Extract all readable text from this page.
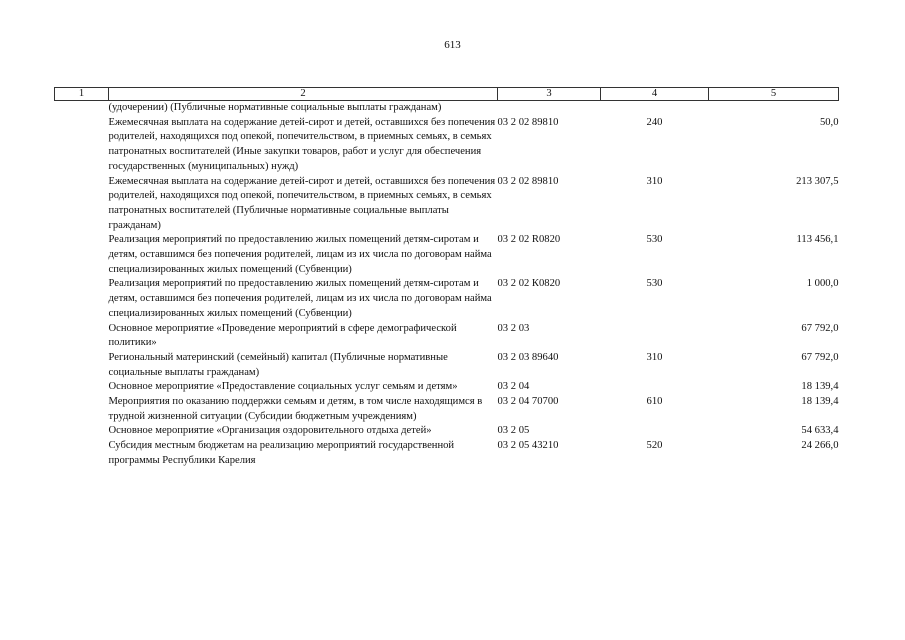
613
1	2	3	4	5
	(удочерении) (Публичные нормативные социальные выплаты гражданам)			
	Ежемесячная выплата на содержание детей-сирот и детей, оставшихся без попечения родителей, находящихся под опекой, попечительством, в приемных семьях, в семьях патронатных воспитателей (Иные закупки товаров, работ и услуг для обеспечения государственных (муниципальных) нужд)	03 2 02 89810	240	50,0
	Ежемесячная выплата на содержание детей-сирот и детей, оставшихся без попечения родителей, находящихся под опекой, попечительством, в приемных семьях, в семьях патронатных воспитателей (Публичные нормативные социальные выплаты гражданам)	03 2 02 89810	310	213 307,5
	Реализация мероприятий по предоставлению жилых помещений детям-сиротам и детям, оставшимся без попечения родителей, лицам из их числа по договорам найма специализированных жилых помещений (Субвенции)	03 2 02 R0820	530	113 456,1
	Реализация мероприятий по предоставлению жилых помещений детям-сиротам и детям, оставшимся без попечения родителей, лицам из их числа по договорам найма специализированных жилых помещений (Субвенции)	03 2 02 К0820	530	1 000,0
	Основное мероприятие «Проведение мероприятий в сфере демографической политики»	03 2 03		67 792,0
	Региональный материнский (семейный) капитал (Публичные нормативные социальные выплаты гражданам)	03 2 03 89640	310	67 792,0
	Основное мероприятие «Предоставление социальных услуг семьям и детям»	03 2 04		18 139,4
	Мероприятия по оказанию поддержки семьям и детям, в том числе находящимся в трудной жизненной ситуации (Субсидии бюджетным учреждениям)	03 2 04 70700	610	18 139,4
	Основное мероприятие «Организация оздоровительного отдыха детей»	03 2 05		54 633,4
	Субсидия местным бюджетам на реализацию мероприятий государственной программы Республики Карелия	03 2 05 43210	520	24 266,0
